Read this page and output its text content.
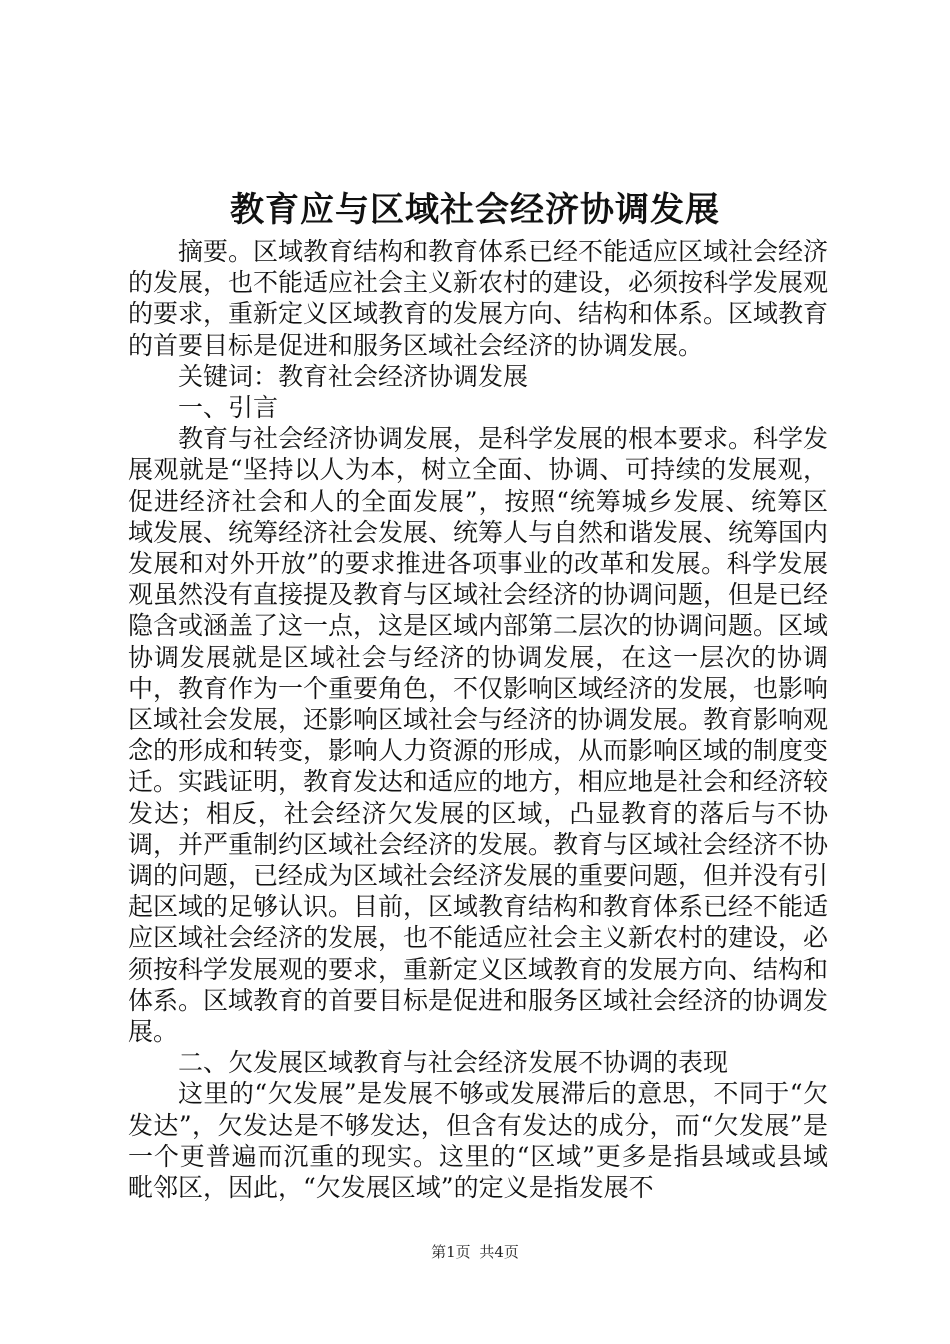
教育应与区域社会经济协调发展

摘要。区域教育结构和教育体系已经不能适应区域社会经济的发展，也不能适应社会主义新农村的建设，必须按科学发展观的要求，重新定义区域教育的发展方向、结构和体系。区域教育的首要目标是促进和服务区域社会经济的协调发展。

关键词：教育社会经济协调发展

一、引言

教育与社会经济协调发展，是科学发展的根本要求。科学发展观就是“坚持以人为本，树立全面、协调、可持续的发展观，促进经济社会和人的全面发展”，按照“统筹城乡发展、统筹区域发展、统筹经济社会发展、统筹人与自然和谐发展、统筹国内发展和对外开放”的要求推进各项事业的改革和发展。科学发展观虽然没有直接提及教育与区域社会经济的协调问题，但是已经隐含或涵盖了这一点，这是区域内部第二层次的协调问题。区域协调发展就是区域社会与经济的协调发展，在这一层次的协调中，教育作为一个重要角色，不仅影响区域经济的发展，也影响区域社会发展，还影响区域社会与经济的协调发展。教育影响观念的形成和转变，影响人力资源的形成，从而影响区域的制度变迁。实践证明，教育发达和适应的地方，相应地是社会和经济较发达；相反，社会经济欠发展的区域，凸显教育的落后与不协调，并严重制约区域社会经济的发展。教育与区域社会经济不协调的问题，已经成为区域社会经济发展的重要问题，但并没有引起区域的足够认识。目前，区域教育结构和教育体系已经不能适应区域社会经济的发展，也不能适应社会主义新农村的建设，必须按科学发展观的要求，重新定义区域教育的发展方向、结构和体系。区域教育的首要目标是促进和服务区域社会经济的协调发展。

二、欠发展区域教育与社会经济发展不协调的表现

这里的“欠发展”是发展不够或发展滞后的意思，不同于“欠发达”，欠发达是不够发达，但含有发达的成分，而“欠发展”是一个更普遍而沉重的现实。这里的“区域”更多是指县域或县域毗邻区，因此，“欠发展区域”的定义是指发展不

第1页 共4页
